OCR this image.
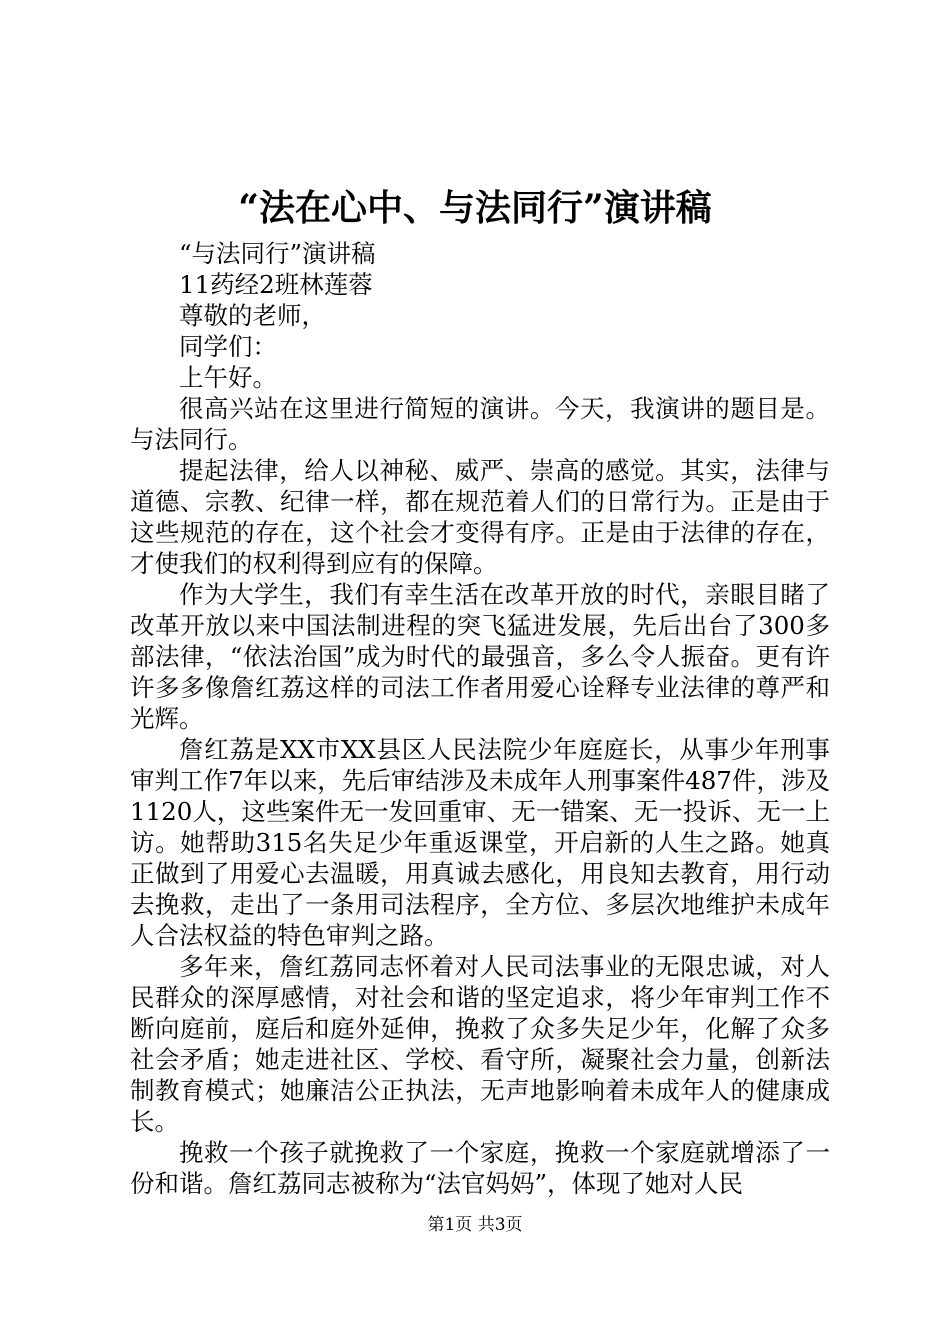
“法在心中、与法同行”演讲稿

“与法同行”演讲稿

11药经2班林莲蓉

尊敬的老师，

同学们：

上午好。

很高兴站在这里进行简短的演讲。今天，我演讲的题目是。与法同行。

提起法律，给人以神秘、威严、崇高的感觉。其实，法律与道德、宗教、纪律一样，都在规范着人们的日常行为。正是由于这些规范的存在，这个社会才变得有序。正是由于法律的存在，才使我们的权利得到应有的保障。

作为大学生，我们有幸生活在改革开放的时代，亲眼目睹了改革开放以来中国法制进程的突飞猛进发展，先后出台了300多部法律，“依法治国”成为时代的最强音，多么令人振奋。更有许许多多像詹红荔这样的司法工作者用爱心诠释专业法律的尊严和光辉。

詹红荔是XX市XX县区人民法院少年庭庭长，从事少年刑事审判工作7年以来，先后审结涉及未成年人刑事案件487件，涉及1120人，这些案件无一发回重审、无一错案、无一投诉、无一上访。她帮助315名失足少年重返课堂，开启新的人生之路。她真正做到了用爱心去温暖，用真诚去感化，用良知去教育，用行动去挽救，走出了一条用司法程序，全方位、多层次地维护未成年人合法权益的特色审判之路。

多年来，詹红荔同志怀着对人民司法事业的无限忠诚，对人民群众的深厚感情，对社会和谐的坚定追求，将少年审判工作不断向庭前，庭后和庭外延伸，挽救了众多失足少年，化解了众多社会矛盾；她走进社区、学校、看守所，凝聚社会力量，创新法制教育模式；她廉洁公正执法，无声地影响着未成年人的健康成长。

挽救一个孩子就挽救了一个家庭，挽救一个家庭就增添了一份和谐。詹红荔同志被称为“法官妈妈”，体现了她对人民

第1页 共3页
